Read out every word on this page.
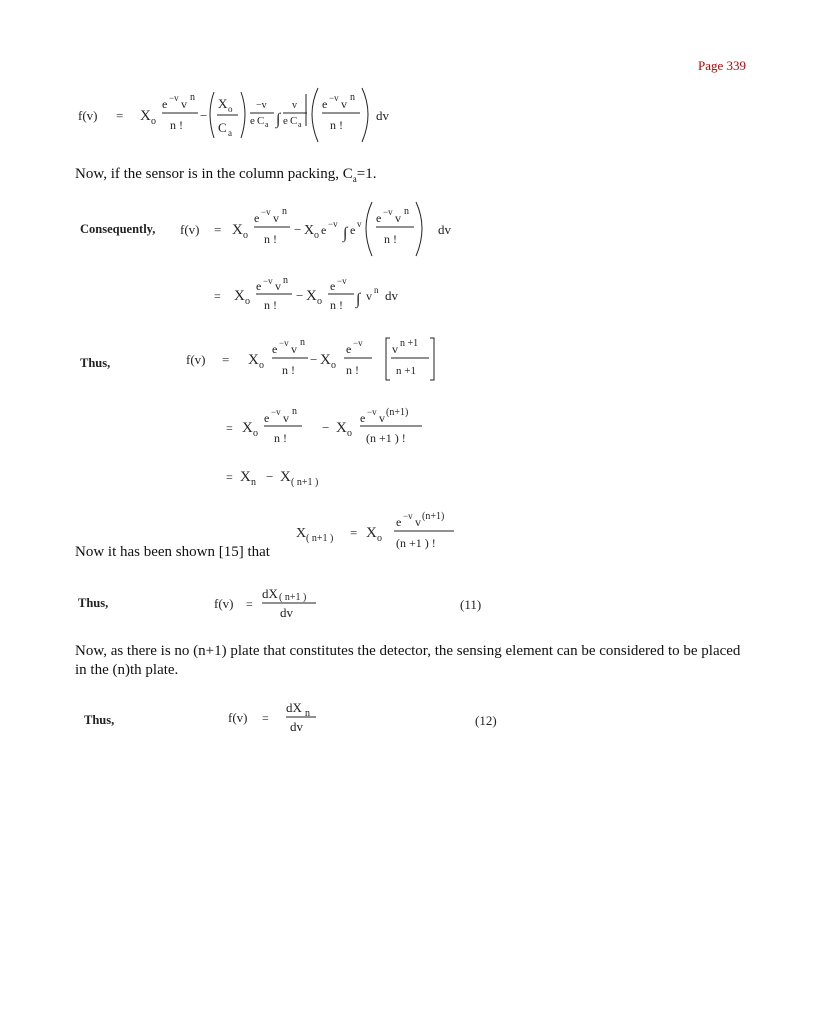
Page 339
f(v) = X o
e −v v n
n !
−
X o
C a
−v
e C a ∫
v
e C a
e −v v n
n !
dv
Now, if the sensor is in the column packing, $C_a=1$.
Consequently, f(v) = X o
e −v v n
n !
− X o e −v
∫ e v e −v v n
n !
dv
= X o
e −v v n
n !
− X o
e −v
n ! ∫ v n dv
Thus,	f(v) = X o
e −v v n
n !
− X o
e −v
n !
v n +1
n +1
= X o
e −v v n
n !
− X o
e −v v (n+1)
(n +1 ) !
= X n − X ( n+1 )
X ( n+1 ) = X o
e −v v (n+1)
(n +1 ) !
Now it has been shown [15] that
Thus,	f(v) =
dX ( n+1 )
dv
(11)
Now, as there is no (n+1) plate that constitutes the detector, the sensing element can be considered to be placed in the (n)th plate.
Thus,	f(v) =
dX n
dv	(12)
